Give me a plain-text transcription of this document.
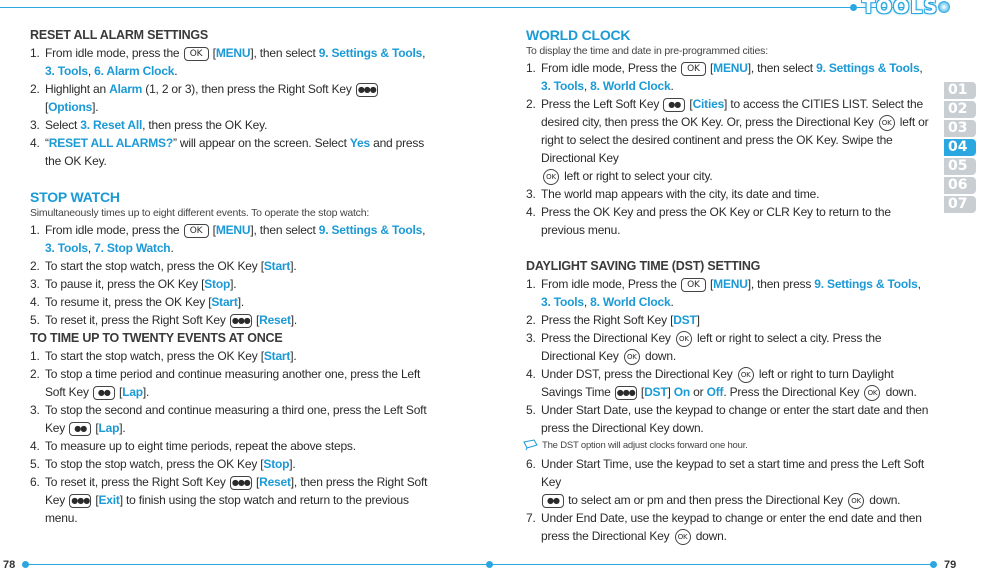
TOOLS
78	79
RESET ALL ALARM SETTINGS
1. From idle mode, press the OK [MENU], then select 9. Settings & Tools,
3. Tools, 6. Alarm Clock.
2. Highlight an Alarm (1, 2 or 3), then press the Right Soft Key ●●● [Options].
3. Select 3. Reset All, then press the OK Key.
4. “RESET ALL ALARMS?” will appear on the screen. Select Yes and press the OK Key.
STOP WATCH
Simultaneously times up to eight different events. To operate the stop watch:
1. From idle mode, press the OK [MENU], then select 9. Settings & Tools,
3. Tools, 7. Stop Watch.
2. To start the stop watch, press the OK Key [Start].
3. To pause it, press the OK Key [Stop].
4. To resume it, press the OK Key [Start].
5. To reset it, press the Right Soft Key ●●● [Reset].
TO TIME UP TO TWENTY EVENTS AT ONCE
1. To start the stop watch, press the OK Key [Start].
2. To stop a time period and continue measuring another one, press the Left Soft Key ●● [Lap].
3. To stop the second and continue measuring a third one, press the Left Soft Key ●● [Lap].
4. To measure up to eight time periods, repeat the above steps.
5. To stop the stop watch, press the OK Key [Stop].
6. To reset it, press the Right Soft Key ●●● [Reset], then press the Right Soft Key ●●● [Exit] to finish using the stop watch and return to the previous menu.
WORLD CLOCK
To display the time and date in pre-programmed cities:
1. From idle mode, Press the OK [MENU], then select 9. Settings & Tools,
3. Tools, 8. World Clock.
2. Press the Left Soft Key ●● [Cities] to access the CITIES LIST. Select the desired city, then press the OK Key. Or, press the Directional Key OK left or right to select the desired continent and press the OK Key. Swipe the Directional Key
OK left or right to select your city.
3. The world map appears with the city, its date and time.
4. Press the OK Key and press the OK Key or CLR Key to return to the previous menu.
DAYLIGHT SAVING TIME (DST) SETTING
1. From idle mode, Press the OK [MENU], then press 9. Settings & Tools,
3. Tools, 8. World Clock.
2. Press the Right Soft Key [DST]
3. Press the Directional Key OK left or right to select a city. Press the Directional Key OK down.
4. Under DST, press the Directional Key OK left or right to turn Daylight Savings Time ●●● [DST] On or Off. Press the Directional Key OK down.
5. Under Start Date, use the keypad to change or enter the start date and then press the Directional Key down.
The DST option will adjust clocks forward one hour.
6. Under Start Time, use the keypad to set a start time and press the Left Soft Key
●● to select am or pm and then press the Directional Key OK down.
7. Under End Date, use the keypad to change or enter the end date and then press the Directional Key OK down.
01
02
03
04
05
06
07
